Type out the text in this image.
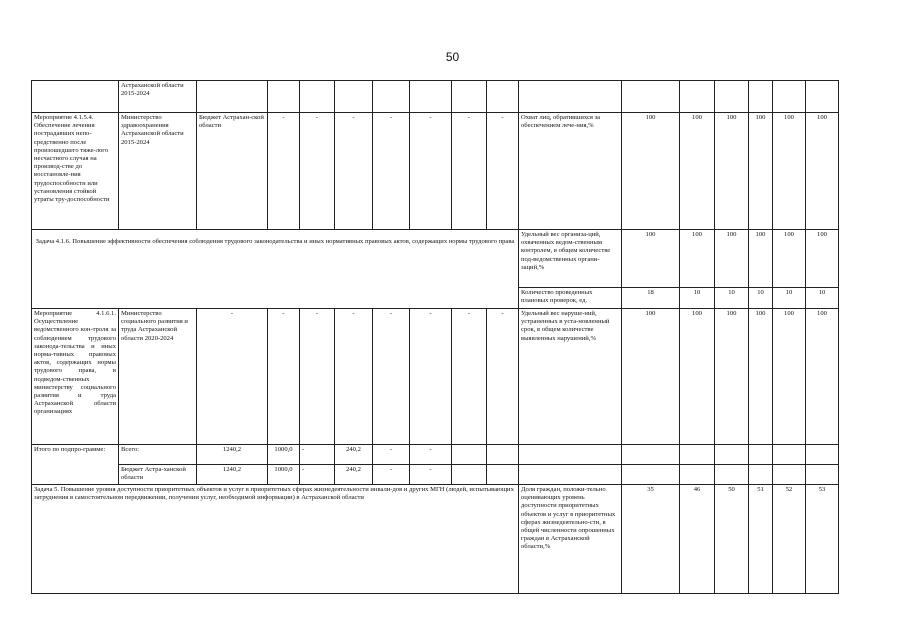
50
	Астраханской области 2015-2024															
Мероприятие 4.1.5.4. Обеспечение лечения пострадавших непо-средственно после произошедшего тяже-лого несчастного случая на производ-стве до восстановле-ния трудоспособности или установления стойкой утраты тру-доспособности	Министерство здравоохранения Астраханской области 2015-2024	Бюджет Астрахан-ской области	-	-	-	-	-	-	-	Охват лиц, обратившихся за обеспечением лече-ния,%	100	100	100	100	100	100
Задача 4.1.6. Повышение эффективности обеспечения соблюдения трудового законодательства и иных нормативных правовых актов, содержащих нормы трудового права										Удельный вес организа-ций, охваченных ведом-ственным контролем, в общем количестве под-ведомственных органи-заций,%	100	100	100	100	100	100
										Количество проведенных плановых проверок, ед.	18	10	10	10	10	10
Мероприятие 4.1.6.1. Осуществление ведомственного кон-троля за соблюдением трудового законода-тельства и иных норма-тивных правовых актов, содержащих нормы трудового права, в подведом-ственных министерству социального развития и труда Астраханской области организациях	Министерство социального развития и труда Астраханской области 2020-2024	-	-	-	-	-	-	-	-	Удельный вес наруше-ний, устраненных в уста-новленный срок, в общем количестве выявленных нарушений,%	100	100	100	100	100	100
Итого по подпро-грамме:	Всего:	1240,2	1000,0	-	240,2	-	-									
	Бюджет Астра-ханской области	1240,2	1000,0	-	240,2	-	-									
Задача 5. Повышение уровня доступности приоритетных объектов и услуг в приоритетных сферах жизнедеятельности инвали-дов и других МГН (людей, испытывающих затруднения в самостоятельном передвижении, получении услуг, необходимой информации) в Астраханской области										Доля граждан, положи-тельно оценивающих уровень доступности приоритетных объектов и услуг в приоритетных сферах жизнедеятельно-сти, в общей численности опрошенных граждан в Астраханской области,%	35	46	50	51	52	53
